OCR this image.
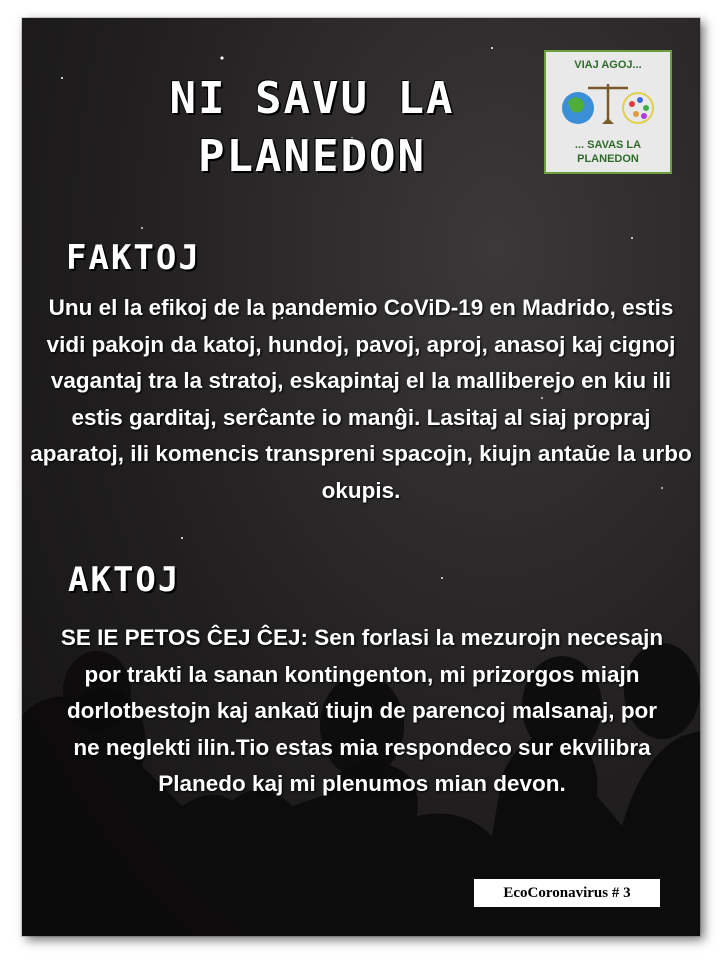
NI SAVU LA PLANEDON
VIAJ AGOJ...
... SAVAS LA PLANEDON
FAKTOJ
Unu el la efikoj de la pandemio CoViD-19 en Madrido, estis vidi pakojn da katoj, hundoj, pavoj, aproj, anasoj kaj cignoj vagantaj tra la stratoj, eskapintaj el la malliberejo en kiu ili estis garditaj, serĉante io manĝi. Lasitaj al siaj propraj aparatoj, ili komencis transpreni spacojn, kiujn antaŭe la urbo okupis.
AKTOJ
SE IE PETOS ĈEJ ĈEJ: Sen forlasi la mezurojn necesajn por trakti la sanan kontingenton, mi prizorgos miajn dorlotbestojn kaj ankaŭ tiujn de parencoj malsanaj, por ne neglekti ilin.Tio estas mia respondeco sur ekvilibra Planedo kaj mi plenumos mian devon.
EcoCoronavirus # 3
